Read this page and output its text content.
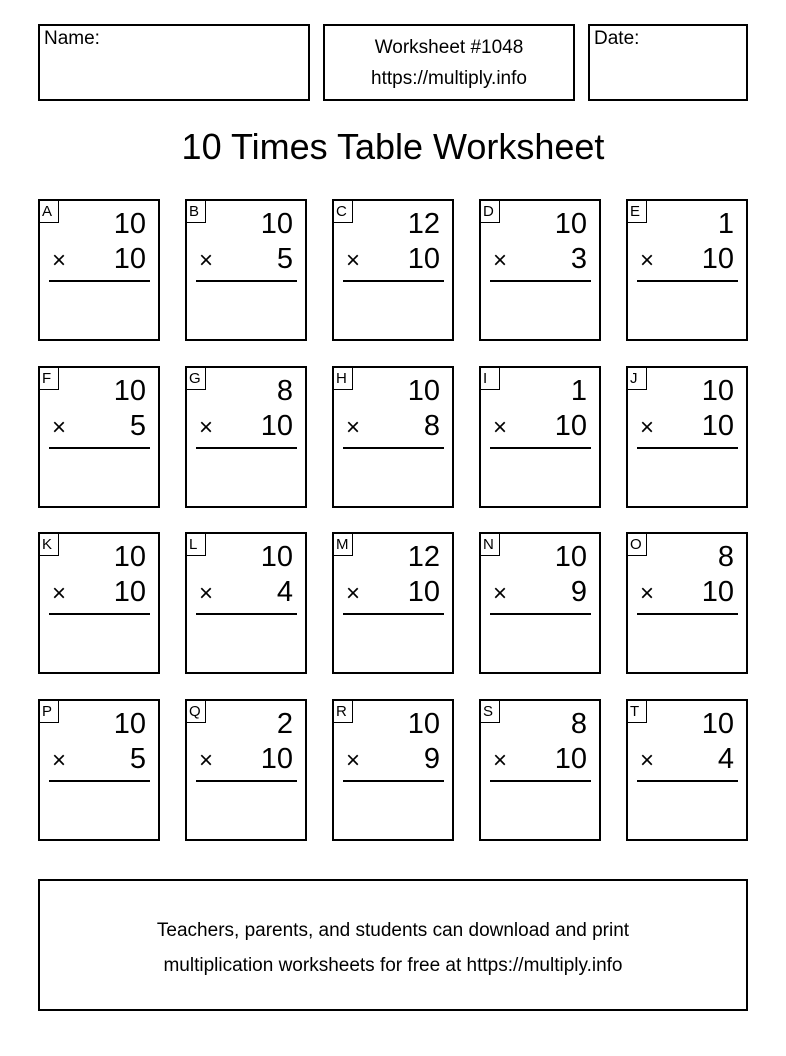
Name:	Worksheet #1048
https://multiply.info
Date:
10 Times Table Worksheet
A 10
× 10
B 10
× 5
C 12
× 10
D 10
× 3
E	1
× 10
F 10
× 5
G	8
× 10
H 10
× 8
I	1
× 10
J	10
× 10
K 10
× 10
L 10
× 4
M 12
× 10
N 10
× 9
O	8
× 10
P 10
× 5
Q	2
× 10
R 10
× 9
S	8
× 10
T 10
× 4
Teachers, parents, and students can download and print
multiplication worksheets for free at https://multiply.info
